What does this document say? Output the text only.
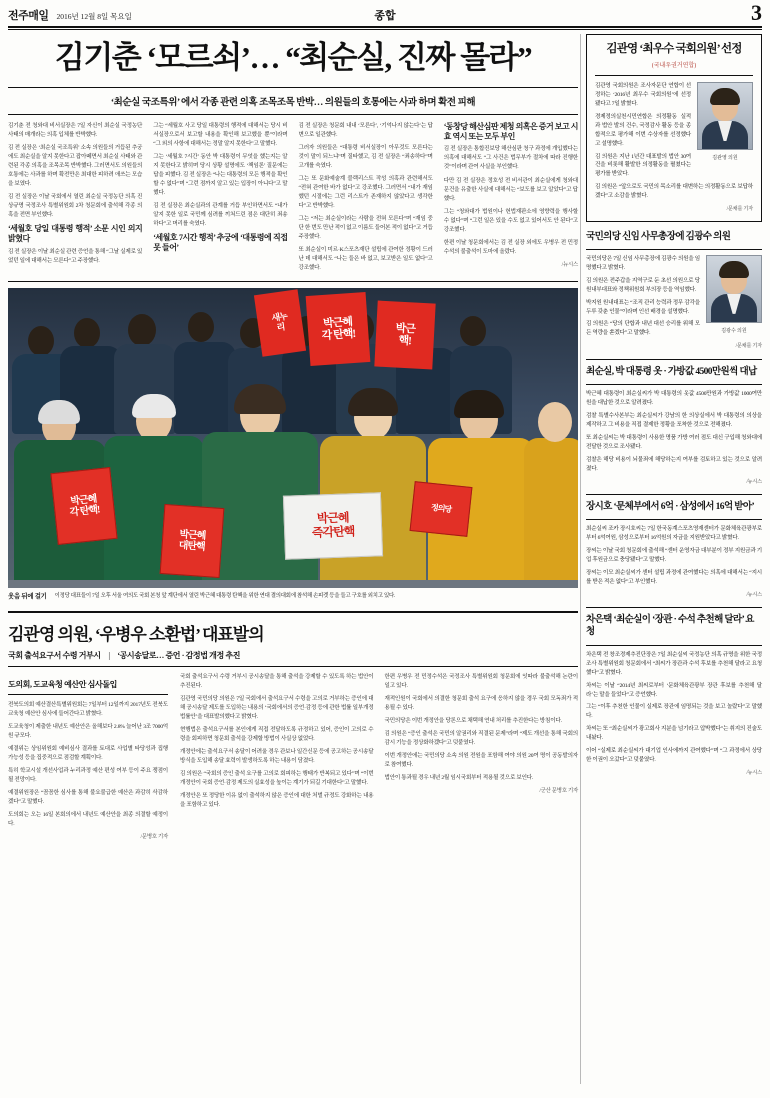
전주매일 2016년 12월 8일 목요일	종합	3
김기춘 ‘모르쇠’… “최순실, 진짜 몰라”
‘최순실 국조특위’ 에서 각종 관련 의혹 조목조목 반박… 의원들의 호통에는 사과 하며 확전 피해

김기춘 전 청와대 비서실장은 7일 자신이 최순실 국정농단 사태의 매개라는 의혹 입체를 반박했다.

김 전 실장은 ‘최순실 국조특위’ 소속 의원들의 거듭된 추궁에도 최순실을 알지 못한다고 잡아떼면서 최순실 사태와 관련된 각종 의혹을 조목조목 반박했다. 그러면서도 의원들의 호통에는 사과를 하며 확전만은 최대한 피하려 애쓰는 모습을 보였다.

김 전 실장은 이날 국회에서 열린 최순실 국정농단 의혹 진상규명 국정조사 특별위원회 2차 청문회에 출석해 각종 의혹을 전면 부인했다.

‘세월호 당일 대통령 행적’ 소문 시인 의지 밝혔다

김 전 실장은 이날 최순실 관련 증언을 통해 “그날 실제로 있었던 일에 대해서는 모른다”고 주장했다.

그는 “세월호 사고 당일 대통령의 행적에 대해서는 당시 비서실장으로서 보고할 내용을 확인해 보고했을 뿐”이라며 “그 외의 사항에 대해서는 정말 알지 못한다”고 말했다.

그는 ‘세월호 7시간’ 동안 박 대통령이 무엇을 했는지는 알지 못한다고 밝히며 당시 상황 설명에도 ‘책임론’ 질문에는 답을 피했다. 김 전 실장은 “나는 대통령의 모든 행적을 확인할 수 없다”며 “그런 점까지 알고 있는 입장이 아니다”고 말했다.

김 전 실장은 최순실과의 관계를 거듭 부인하면서도 “내가 알지 못한 일로 국민께 심려를 끼쳐드린 점은 대단히 죄송하다”고 머리를 숙였다.

‘세월호 7시간 행적’ 추궁에 ‘대통령에 직접 못 들어’

김 전 실장은 청문회 내내 ‘모른다’, ‘기억나지 않는다’는 답변으로 일관했다.

그러자 의원들은 “대통령 비서실장이 아무것도 모른다는 것이 말이 되느냐”며 질타했고, 김 전 실장은 “죄송하다”며 고개를 숙였다.

그는 또 문화예술계 블랙리스트 작성 의혹과 관련해서도 “전혀 관여한 바가 없다”고 강조했다. 그러면서 “내가 재임했던 시절에는 그런 리스트가 존재하지 않았다고 생각한다”고 반박했다.

그는 “저는 최순실이라는 사람을 전혀 모른다”며 “재임 중 단 한 번도 만난 적이 없고 이름도 들어본 적이 없다”고 거듭 주장했다.

또 최순실이 미르·K스포츠재단 설립에 관여한 정황이 드러난 데 대해서도 “나는 들은 바 없고, 보고받은 일도 없다”고 강조했다.

‘동창당 해산심판 제청 의혹은 증거 보고 시효 역시 또는 모두 부인

김 전 실장은 통합진보당 해산심판 청구 과정에 개입했다는 의혹에 대해서도 “그 사건은 법무부가 절차에 따라 진행한 것”이라며 관여 사실을 부인했다.

다만 김 전 실장은 정호성 전 비서관이 최순실에게 청와대 문건을 유출한 사실에 대해서는 “보도를 보고 알았다”고 답했다.

그는 “청와대가 법원이나 헌법재판소에 영향력을 행사할 수 없다”며 “그런 일은 있을 수도 없고 있어서도 안 된다”고 강조했다.

한편 이날 청문회에서는 김 전 실장 외에도 우병우 전 민정수석의 불출석이 도마에 올랐다.

/뉴시스
박근혜
각 탄핵!	박근
핵!
새누
리
박근혜
각 탄핵!
박근혜
대탄핵
박근혜
즉각탄핵
정의당
웃음 뒤에 걸기 이정당 대표들이 7일 오후 서울 여의도 국회 본청 앞 계단에서 열린 박근혜 대통령 탄핵을 위한 연대 결의대회에 참석해 손피켓 등을 들고 구호를 외치고 있다.
김관영 의원, ‘우병우 소환법’ 대표발의
국회 출석요구서 수령 거부시 | ‘공시송달로… 증언 · 감정법 개정 추진
도의회, 도교육청 예산안 심사돌입

전북도의회 예산결산특별위원회는 7일부터 12일까지 2017년도 전북도교육청 예산안 심사에 들어간다고 밝혔다.

도교육청이 제출한 내년도 예산안은 올해보다 2.8% 늘어난 3조 7000억 원 규모다.

예결위는 상임위원회 예비심사 결과를 토대로 사업별 타당성과 집행 가능성 등을 집중적으로 점검할 계획이다.

특히 학교시설 개선사업과 누리과정 예산 편성 여부 등이 주요 쟁점이 될 전망이다.

예결위원장은 “꼼꼼한 심사를 통해 불요불급한 예산은 과감히 삭감하겠다”고 말했다.

도의회는 오는 16일 본회의에서 내년도 예산안을 최종 의결할 예정이다.

/문병호 기자

국회 출석요구서 수령 거부시 공시송달을 통해 출석을 강제할 수 있도록 하는 법안이 추진된다.

김관영 국민의당 의원은 7일 국회에서 출석요구서 수령을 고의로 거부하는 증인에 대해 공시송달 제도를 도입하는 내용의 ‘국회에서의 증언·감정 등에 관한 법률 일부개정법률안’을 대표발의했다고 밝혔다.

현행법은 출석요구서를 본인에게 직접 전달하도록 규정하고 있어, 증인이 고의로 수령을 회피하면 청문회 출석을 강제할 방법이 사실상 없었다.

개정안에는 출석요구서 송달이 어려울 경우 관보나 일간신문 등에 공고하는 공시송달 방식을 도입해 송달 효력이 발생하도록 하는 내용이 담겼다.

김 의원은 “국회의 증인 출석 요구를 고의로 회피하는 행태가 반복되고 있다”며 “이번 개정안이 국회 증언·감정 제도의 실효성을 높이는 계기가 되길 기대한다”고 말했다.

개정안은 또 정당한 이유 없이 출석하지 않은 증인에 대한 처벌 규정도 강화하는 내용을 포함하고 있다.

한편 우병우 전 민정수석은 국정조사 특별위원회 청문회에 잇따라 불출석해 논란이 일고 있다.

재적인원이 국회에서 의결한 청문회 출석 요구에 응하지 않을 경우 국회 모독죄가 적용될 수 있다.

국민의당은 이번 개정안을 당론으로 채택해 연내 처리를 추진한다는 방침이다.

김 의원은 “증인 출석은 국민의 알권리와 직결된 문제”라며 “제도 개선을 통해 국회의 감시 기능을 정상화하겠다”고 덧붙였다.

이번 개정안에는 국민의당 소속 의원 전원을 포함해 여야 의원 20여 명이 공동발의자로 참여했다.

법안이 통과될 경우 내년 2월 임시국회부터 적용될 것으로 보인다.

/군산 문병호 기자
김관영 ‘최우수 국회의원’ 선정
(국내우권거연합)
김관영 의원

김관영 국회의원은 조사자문단 연합이 선정하는 ‘2016년 최우수 국회의원’에 선정됐다고 7일 밝혔다.

경제정의실천시민연합은 의정활동 실적과 법안 발의 건수, 국정감사 활동 등을 종합적으로 평가해 이번 수상자를 선정했다고 설명했다.

김 의원은 지난 1년간 대표발의 법안 30여 건을 비롯해 활발한 의정활동을 펼쳤다는 평가를 받았다.

김 의원은 “앞으로도 국민의 목소리를 대변하는 의정활동으로 보답하겠다”고 소감을 밝혔다.

/문채를 기자
국민의당 신임 사무총장에 김광수 의원
김광수 의원

국민의당은 7일 신임 사무총장에 김광수 의원을 임명했다고 밝혔다.

김 의원은 전주갑을 지역구로 둔 초선 의원으로 당 원내부대표와 정책위원회 부의장 등을 역임했다.

박지원 원내대표는 “조직 관리 능력과 정무 감각을 두루 갖춘 인물”이라며 인선 배경을 설명했다.

김 의원은 “당의 단합과 내년 대선 승리를 위해 모든 역량을 쏟겠다”고 말했다.

/문채를 기자
최순실, 박 대통령 옷 · 가방값 4500만원씩 대납

박근혜 대통령이 최순실씨가 박 대통령의 옷값 4500만원과 가방값 1000여만원을 대납한 것으로 알려졌다.

검찰 특별수사본부는 최순실씨가 강남의 한 의상실에서 박 대통령의 의상을 제작하고 그 비용을 직접 결제한 정황을 포착한 것으로 전해졌다.

또 최순실씨는 박 대통령이 사용한 명품 가방 여러 점도 대신 구입해 청와대에 전달한 것으로 조사됐다.

검찰은 해당 비용이 뇌물죄에 해당하는지 여부를 검토하고 있는 것으로 알려졌다.

/뉴시스
장시호 ‘문체부에서 6억 · 삼성에서 16억 받아’

최순실씨 조카 장시호씨는 7일 한국동계스포츠영재센터가 문화체육관광부로부터 6억여원, 삼성으로부터 16억원의 자금을 지원받았다고 밝혔다.

장씨는 이날 국회 청문회에 출석해 “센터 운영자금 대부분이 정부 지원금과 기업 후원금으로 충당됐다”고 말했다.

장씨는 이모 최순실씨가 센터 설립 과정에 관여했다는 의혹에 대해서는 “지시를 받은 적은 없다”고 부인했다.

/뉴시스
차은택 ‘최순실이 ‘장관 · 수석 추천해 달라’ 요청

차은택 전 창조경제추진단장은 7일 최순실씨 국정농단 의혹 규명을 위한 국정조사 특별위원회 청문회에서 “최씨가 장관과 수석 후보를 추천해 달라고 요청했다”고 밝혔다.

차씨는 이날 “2014년 최씨로부터 ‘문화체육관광부 장관 후보를 추천해 달라’는 말을 들었다”고 증언했다.

그는 “이후 추천한 인물이 실제로 장관에 임명되는 것을 보고 놀랐다”고 말했다.

차씨는 또 “최순실씨가 광고회사 지분을 넘기라고 압박했다”는 취지의 진술도 내놨다.

이어 “실제로 최순실씨가 대기업 인사에까지 관여했다”며 “그 과정에서 상당한 이권이 오갔다”고 덧붙였다.

/뉴시스
